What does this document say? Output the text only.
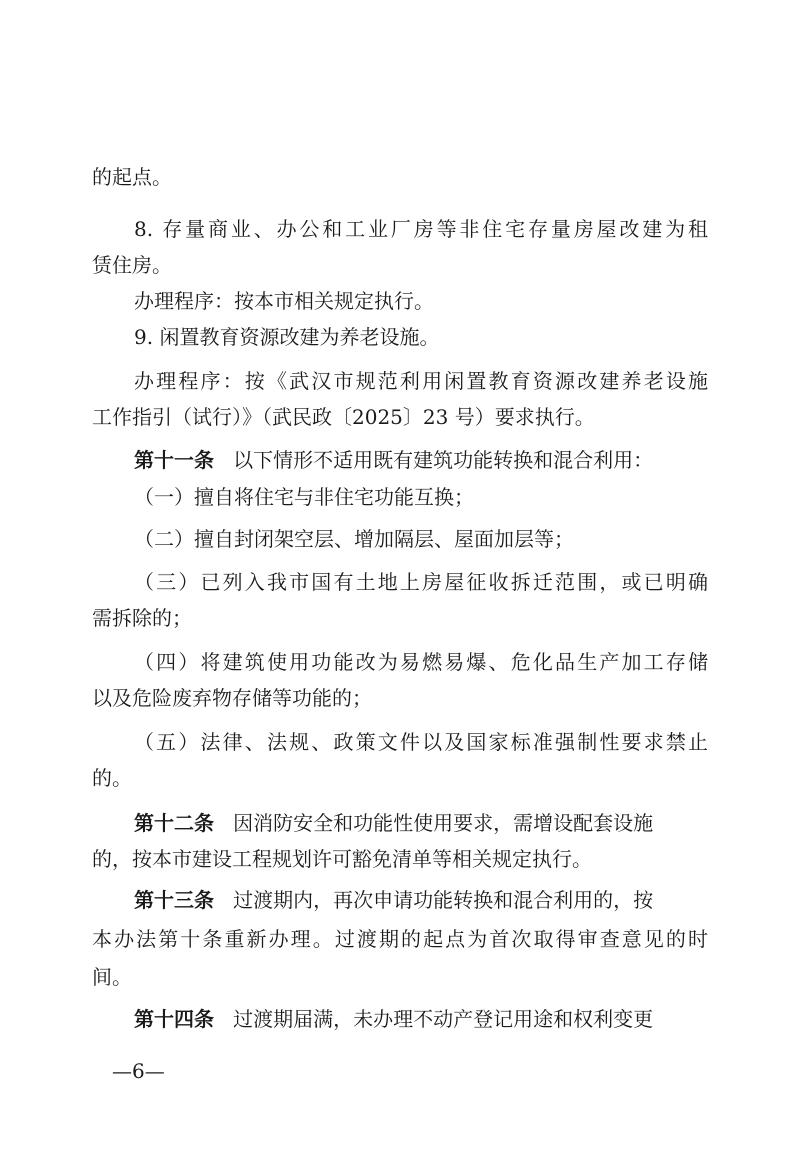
的起点。
8. 存量商业、办公和工业厂房等非住宅存量房屋改建为租
赁住房。
办理程序：按本市相关规定执行。
9. 闲置教育资源改建为养老设施。
办理程序：按《武汉市规范利用闲置教育资源改建养老设施
工作指引（试行）》（武民政〔2025〕23 号）要求执行。
第十一条 以下情形不适用既有建筑功能转换和混合利用：
（一）擅自将住宅与非住宅功能互换；
（二）擅自封闭架空层、增加隔层、屋面加层等；
（三）已列入我市国有土地上房屋征收拆迁范围，或已明确
需拆除的；
（四）将建筑使用功能改为易燃易爆、危化品生产加工存储
以及危险废弃物存储等功能的；
（五）法律、法规、政策文件以及国家标准强制性要求禁止
的。
第十二条 因消防安全和功能性使用要求，需增设配套设施
的，按本市建设工程规划许可豁免清单等相关规定执行。
第十三条 过渡期内，再次申请功能转换和混合利用的，按
本办法第十条重新办理。过渡期的起点为首次取得审查意见的时
间。
第十四条 过渡期届满，未办理不动产登记用途和权利变更
—6—
